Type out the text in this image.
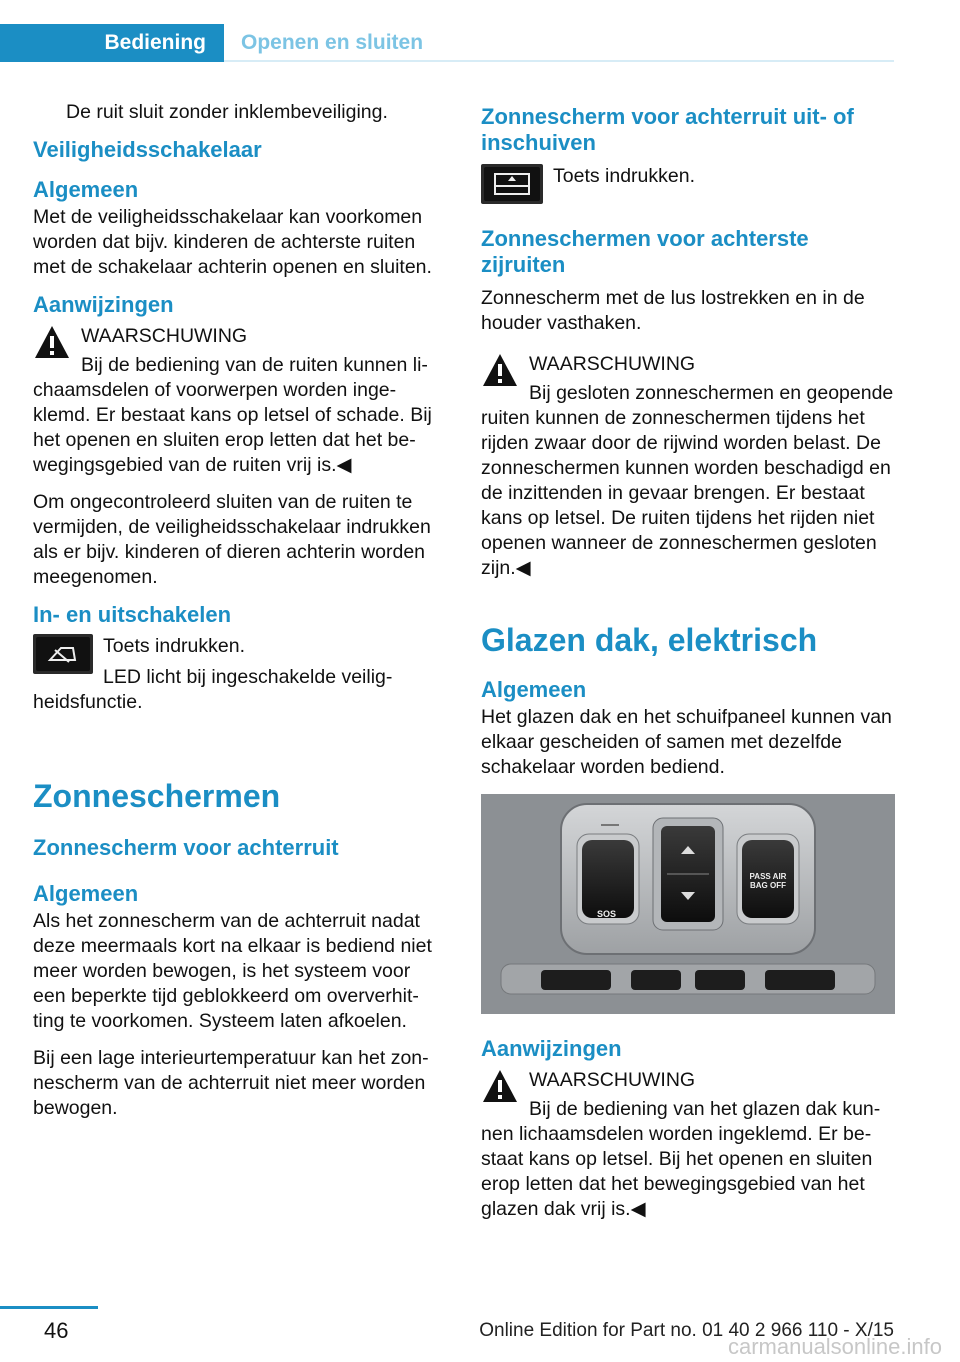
Bediening	Openen en sluiten

De ruit sluit zonder inklembeveiliging.

Veiligheidsschakelaar
Algemeen

Met de veiligheidsschakelaar kan voorkomen worden dat bijv. kinderen de achterste ruiten met de schakelaar achterin openen en sluiten.

Aanwijzingen

WAARSCHUWING

Bij de bediening van de ruiten kunnen lichaamsdelen of voorwerpen worden ingeklemd. Er bestaat kans op letsel of schade. Bij het openen en sluiten erop letten dat het bewegingsgebied van de ruiten vrij is.◀

Om ongecontroleerd sluiten van de ruiten te vermijden, de veiligheidsschakelaar indrukken als er bijv. kinderen of dieren achterin worden meegenomen.

In- en uitschakelen

Toets indrukken.

LED licht bij ingeschakelde veiligheidsfunctie.

Zonneschermen
Zonnescherm voor achterruit
Algemeen

Als het zonnescherm van de achterruit nadat deze meermaals kort na elkaar is bediend niet meer worden bewogen, is het systeem voor een beperkte tijd geblokkeerd om oververhitting te voorkomen. Systeem laten afkoelen.

Bij een lage interieurtemperatuur kan het zonnescherm van de achterruit niet meer worden bewogen.

Zonnescherm voor achterruit uit- of inschuiven

Toets indrukken.

Zonneschermen voor achterste zijruiten

Zonnescherm met de lus lostrekken en in de houder vasthaken.

WAARSCHUWING

Bij gesloten zonneschermen en geopende ruiten kunnen de zonneschermen tijdens het rijden zwaar door de rijwind worden belast. De zonneschermen kunnen worden beschadigd en de inzittenden in gevaar brengen. Er bestaat kans op letsel. De ruiten tijdens het rijden niet openen wanneer de zonneschermen gesloten zijn.◀

Glazen dak, elektrisch
Algemeen

Het glazen dak en het schuifpaneel kunnen van elkaar gescheiden of samen met dezelfde schakelaar worden bediend.

SOS
PASS AIR BAG OFF
Aanwijzingen

WAARSCHUWING

Bij de bediening van het glazen dak kunnen lichaamsdelen worden ingeklemd. Er bestaat kans op letsel. Bij het openen en sluiten erop letten dat het bewegingsgebied van het glazen dak vrij is.◀

46	Online Edition for Part no. 01 40 2 966 110 - X/15
carmanualsonline.info
